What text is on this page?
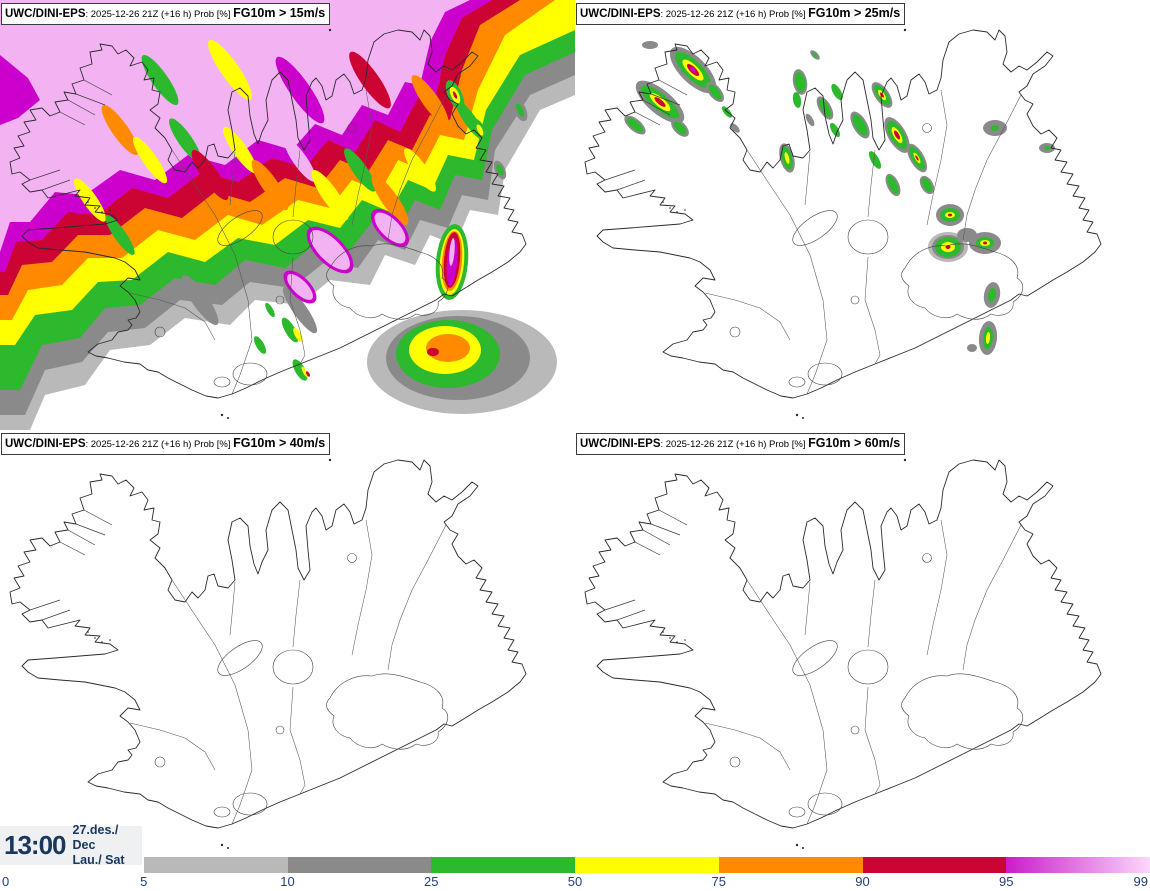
UWC/DINI-EPS: 2025-12-26 21Z (+16 h) Prob [%] FG10m > 15m/s	UWC/DINI-EPS: 2025-12-26 21Z (+16 h) Prob [%] FG10m > 25m/s
UWC/DINI-EPS: 2025-12-26 21Z (+16 h) Prob [%] FG10m > 40m/s	UWC/DINI-EPS: 2025-12-26 21Z (+16 h) Prob [%] FG10m > 60m/s
13:00 27.des./ Dec
Lau./ Sat
0	5	10	25	50	75	90	95	99
